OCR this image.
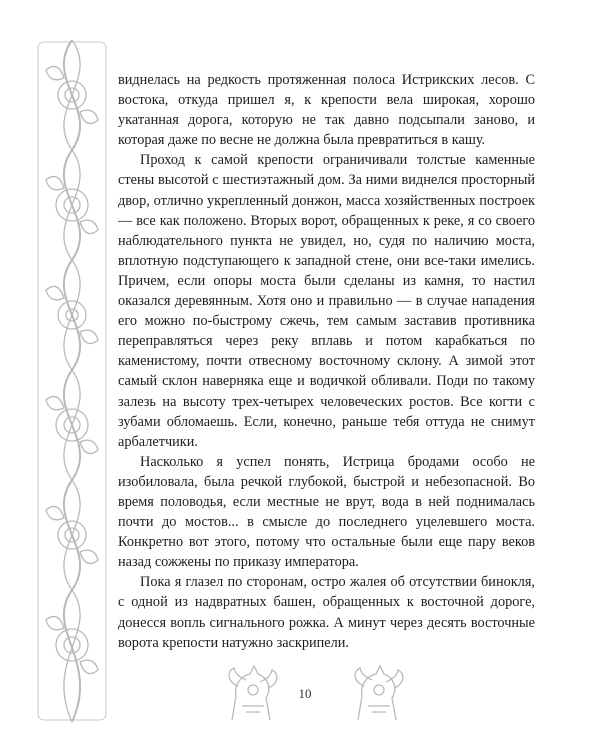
виднелась на редкость протяженная полоса Истрикских лесов. С востока, откуда пришел я, к крепости вела широкая, хорошо укатанная дорога, которую не так давно подсыпали заново, и которая даже по весне не должна была превратиться в кашу.

Проход к самой крепости ограничивали толстые каменные стены высотой с шестиэтажный дом. За ними виднелся просторный двор, отлично укрепленный донжон, масса хозяйственных построек — все как положено. Вторых ворот, обращенных к реке, я со своего наблюдательного пункта не увидел, но, судя по наличию моста, вплотную подступающего к западной стене, они все-таки имелись. Причем, если опоры моста были сделаны из камня, то настил оказался деревянным. Хотя оно и правильно — в случае нападения его можно по-быстрому сжечь, тем самым заставив противника переправляться через реку вплавь и потом карабкаться по каменистому, почти отвесному восточному склону. А зимой этот самый склон наверняка еще и водичкой обливали. Поди по такому залезь на высоту трех-четырех человеческих ростов. Все когти с зубами обломаешь. Если, конечно, раньше тебя оттуда не снимут арбалетчики.

Насколько я успел понять, Истрица бродами особо не изобиловала, была речкой глубокой, быстрой и небезопасной. Во время половодья, если местные не врут, вода в ней поднималась почти до мостов... в смысле до последнего уцелевшего моста. Конкретно вот этого, потому что остальные были еще пару веков назад сожжены по приказу императора.

Пока я глазел по сторонам, остро жалея об отсутствии бинокля, с одной из надвратных башен, обращенных к восточной дороге, донесся вопль сигнального рожка. А минут через десять восточные ворота крепости натужно заскрипели.

10
